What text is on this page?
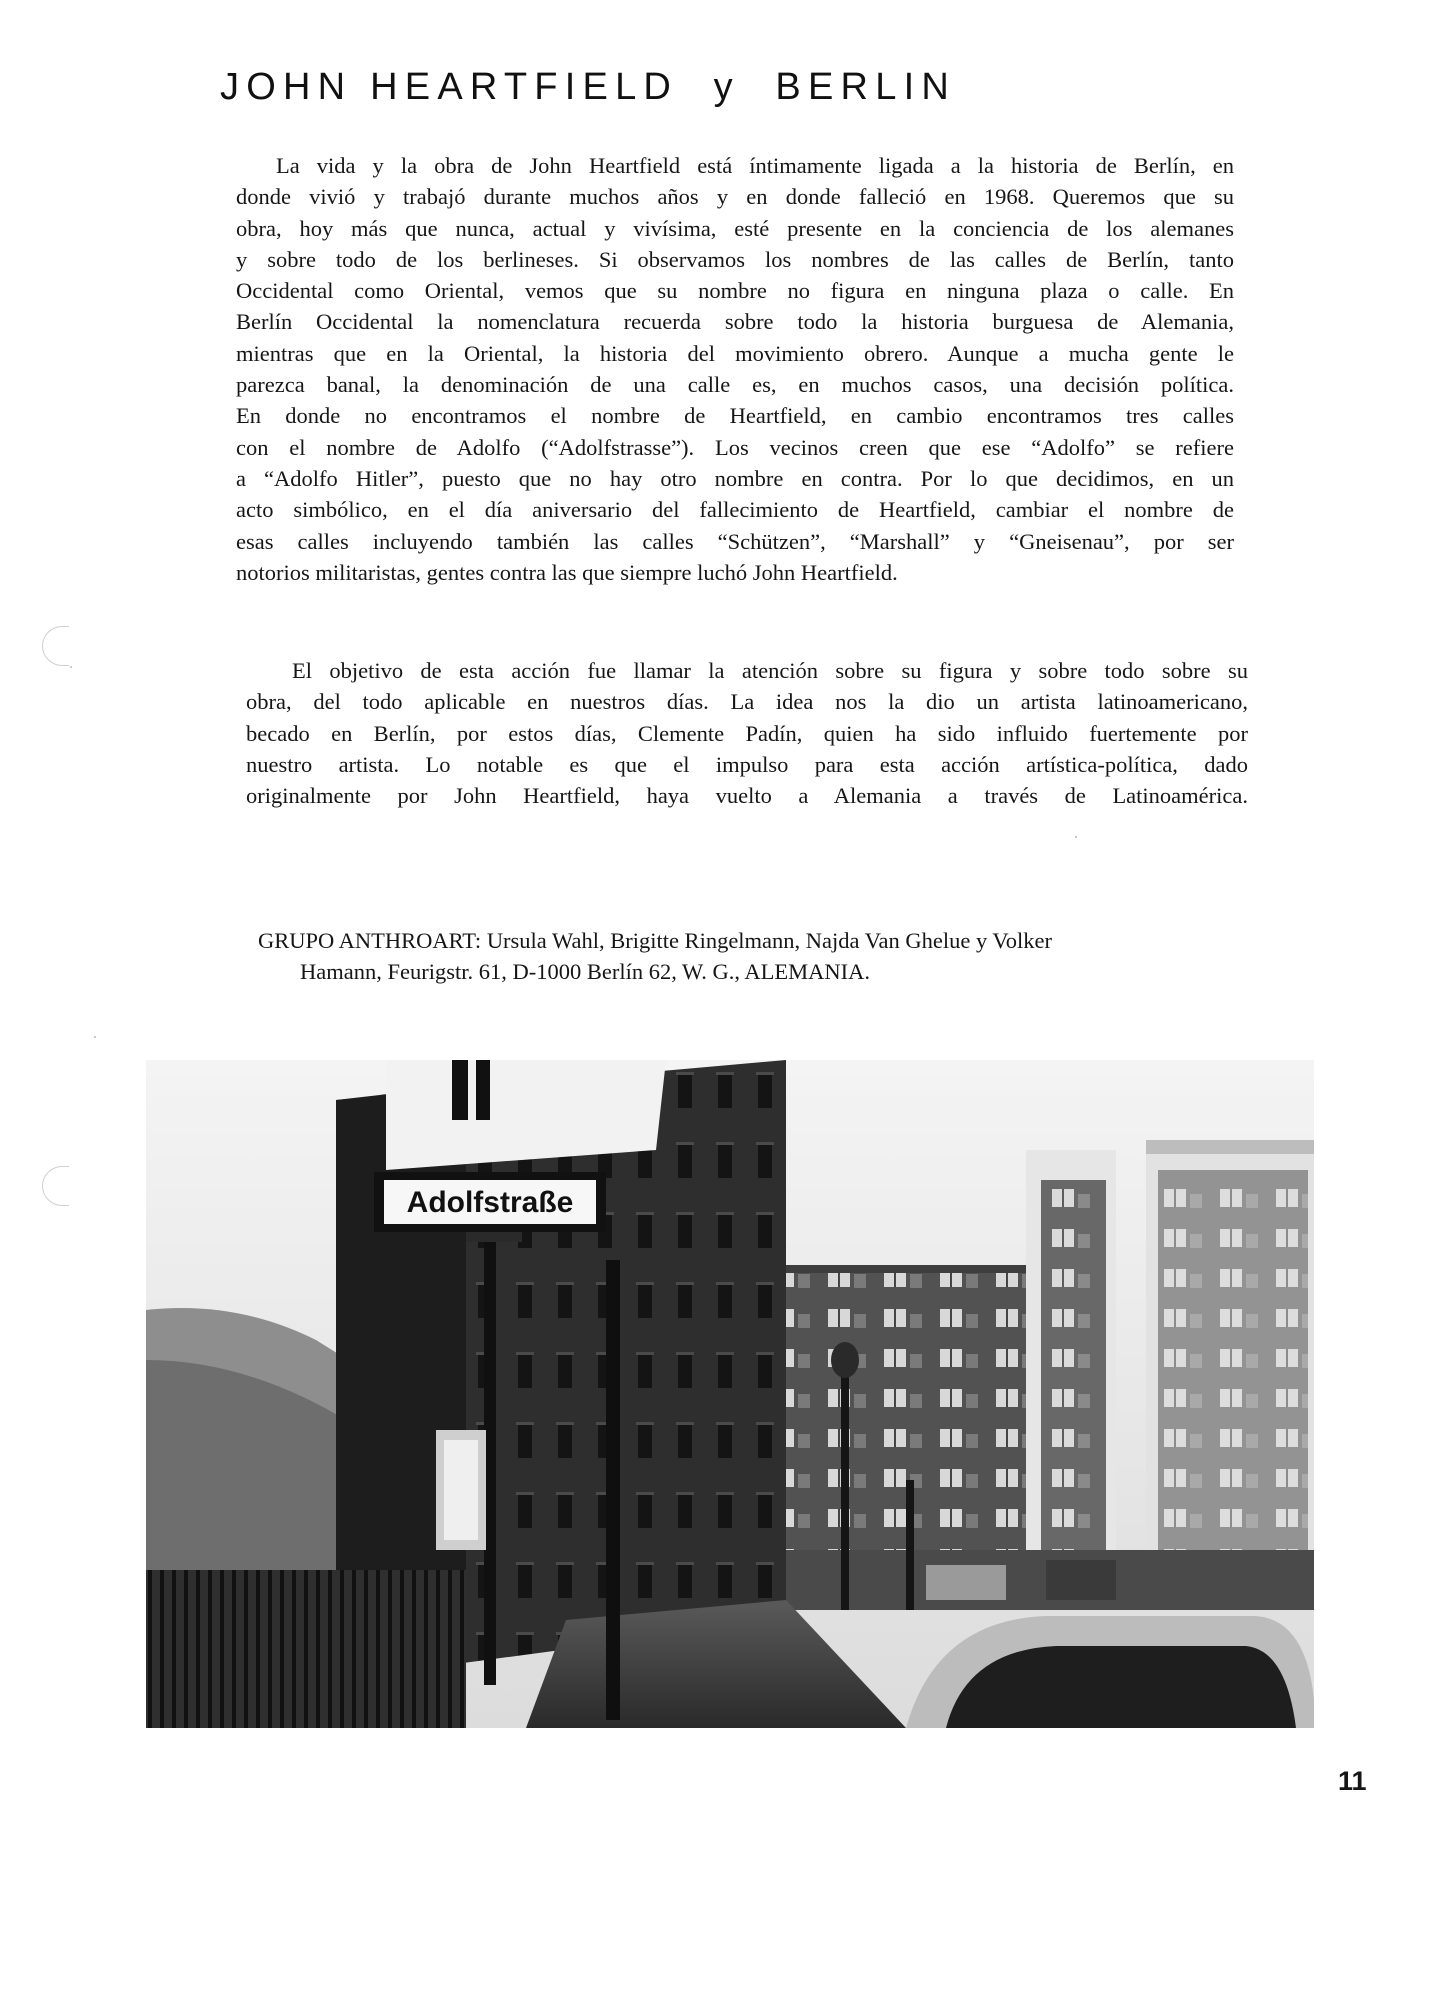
JOHN HEARTFIELD  y  BERLIN

La vida y la obra de John Heartfield está íntimamente ligada a la historia de Berlín, en
donde vivió y trabajó durante muchos años y en donde falleció en 1968. Queremos que su
obra, hoy más que nunca, actual y vivísima, esté presente en la conciencia de los alemanes
y sobre todo de los berlineses. Si observamos los nombres de las calles de Berlín, tanto
Occidental como Oriental, vemos que su nombre no figura en ninguna plaza o calle. En
Berlín Occidental la nomenclatura recuerda sobre todo la historia burguesa de Alemania,
mientras que en la Oriental, la historia del movimiento obrero. Aunque a mucha gente le
parezca banal, la denominación de una calle es, en muchos casos, una decisión política.
En donde no encontramos el nombre de Heartfield, en cambio encontramos tres calles
con el nombre de Adolfo (“Adolfstrasse”). Los vecinos creen que ese “Adolfo” se refiere
a “Adolfo Hitler”, puesto que no hay otro nombre en contra. Por lo que decidimos, en un
acto simbólico, en el día aniversario del fallecimiento de Heartfield, cambiar el nombre de
esas calles incluyendo también las calles “Schützen”, “Marshall” y “Gneisenau”, por ser
notorios militaristas, gentes contra las que siempre luchó John Heartfield.

El objetivo de esta acción fue llamar la atención sobre su figura y sobre todo sobre su
obra, del todo aplicable en nuestros días. La idea nos la dio un artista latinoamericano,
becado en Berlín, por estos días, Clemente Padín, quien ha sido influido fuertemente por
nuestro artista. Lo notable es que el impulso para esta acción artística-política, dado
originalmente por John Heartfield, haya vuelto a Alemania a través de Latinoamérica.

GRUPO ANTHROART: Ursula Wahl, Brigitte Ringelmann, Najda Van Ghelue y Volker
Hamann, Feurigstr. 61, D-1000 Berlín 62, W. G., ALEMANIA.
Adolfstraße
11
